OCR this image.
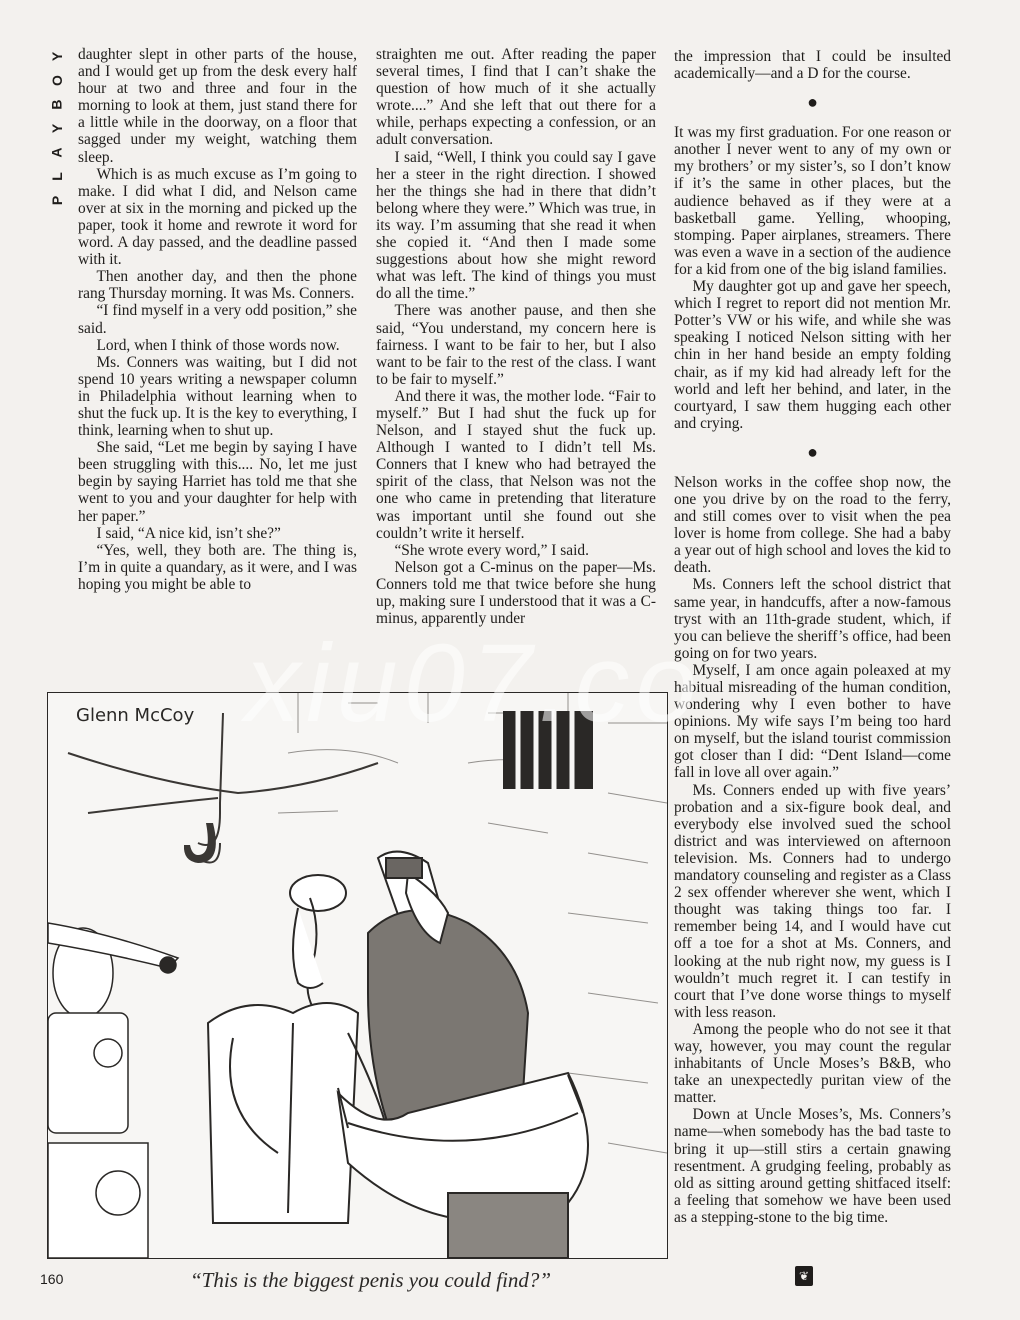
Y
O
B
Y
A
L
P

daughter slept in other parts of the house, and I would get up from the desk every half hour at two and three and four in the morning to look at them, just stand there for a little while in the doorway, on a floor that sagged under my weight, watching them sleep.

Which is as much excuse as I’m going to make. I did what I did, and Nelson came over at six in the morning and picked up the paper, took it home and rewrote it word for word. A day passed, and the deadline passed with it.

Then another day, and then the phone rang Thursday morning. It was Ms. Conners.

“I find myself in a very odd position,” she said.

Lord, when I think of those words now.

Ms. Conners was waiting, but I did not spend 10 years writing a newspaper column in Philadelphia without learning when to shut the fuck up. It is the key to everything, I think, learning when to shut up.

She said, “Let me begin by saying I have been struggling with this.... No, let me just begin by saying Harriet has told me that she went to you and your daughter for help with her paper.”

I said, “A nice kid, isn’t she?”

“Yes, well, they both are. The thing is, I’m in quite a quandary, as it were, and I was hoping you might be able to

straighten me out. After reading the paper several times, I find that I can’t shake the question of how much of it she actually wrote....” And she left that out there for a while, perhaps expecting a confession, or an adult conversation.

I said, “Well, I think you could say I gave her a steer in the right direction. I showed her the things she had in there that didn’t belong where they were.” Which was true, in its way. I’m assuming that she read it when she copied it. “And then I made some suggestions about how she might reword what was left. The kind of things you must do all the time.”

There was another pause, and then she said, “You understand, my concern here is fairness. I want to be fair to her, but I also want to be fair to the rest of the class. I want to be fair to myself.”

And there it was, the mother lode. “Fair to myself.” But I had shut the fuck up for Nelson, and I stayed shut the fuck up. Although I wanted to I didn’t tell Ms. Conners that I knew who had betrayed the spirit of the class, that Nelson was not the one who came in pretending that literature was important until she found out she couldn’t write it herself.

“She wrote every word,” I said.

Nelson got a C-minus on the paper—Ms. Conners told me that twice before she hung up, making sure I understood that it was a C-minus, apparently under

the impression that I could be insulted academically—and a D for the course.

●

It was my first graduation. For one reason or another I never went to any of my own or my brothers’ or my sister’s, so I don’t know if it’s the same in other places, but the audience behaved as if they were at a basketball game. Yelling, whooping, stomping. Paper airplanes, streamers. There was even a wave in a section of the audience for a kid from one of the big island families.

My daughter got up and gave her speech, which I regret to report did not mention Mr. Potter’s VW or his wife, and while she was speaking I noticed Nelson sitting with her chin in her hand beside an empty folding chair, as if my kid had already left for the world and left her behind, and later, in the courtyard, I saw them hugging each other and crying.

●

Nelson works in the coffee shop now, the one you drive by on the road to the ferry, and still comes over to visit when the pea lover is home from college. She had a baby a year out of high school and loves the kid to death.

Ms. Conners left the school district that same year, in handcuffs, after a now-famous tryst with an 11th-grade student, which, if you can believe the sheriff’s office, had been going on for two years.

Myself, I am once again poleaxed at my habitual misreading of the human condition, wondering why I even bother to have opinions. My wife says I’m being too hard on myself, but the island tourist commission got closer than I did: “Dent Island—come fall in love all over again.”

Ms. Conners ended up with five years’ probation and a six-figure book deal, and everybody else involved sued the school district and was interviewed on afternoon television. Ms. Conners had to undergo mandatory counseling and register as a Class 2 sex offender wherever she went, which I thought was taking things too far. I remember being 14, and I would have cut off a toe for a shot at Ms. Conners, and looking at the nub right now, my guess is I wouldn’t much regret it. I can testify in court that I’ve done worse things to myself with less reason.

Among the people who do not see it that way, however, you may count the regular inhabitants of Uncle Moses’s B&B, who take an unexpectedly puritan view of the matter.

Down at Uncle Moses’s, Ms. Conners’s name—when somebody has the bad taste to bring it up—still stirs a certain gnawing resentment. A grudging feeling, probably as old as sitting around getting shitfaced itself: a feeling that somehow we have been used as a stepping-stone to the big time.

Glenn McCoy xiu07.co
160	“This is the biggest penis you could find?”	❦
